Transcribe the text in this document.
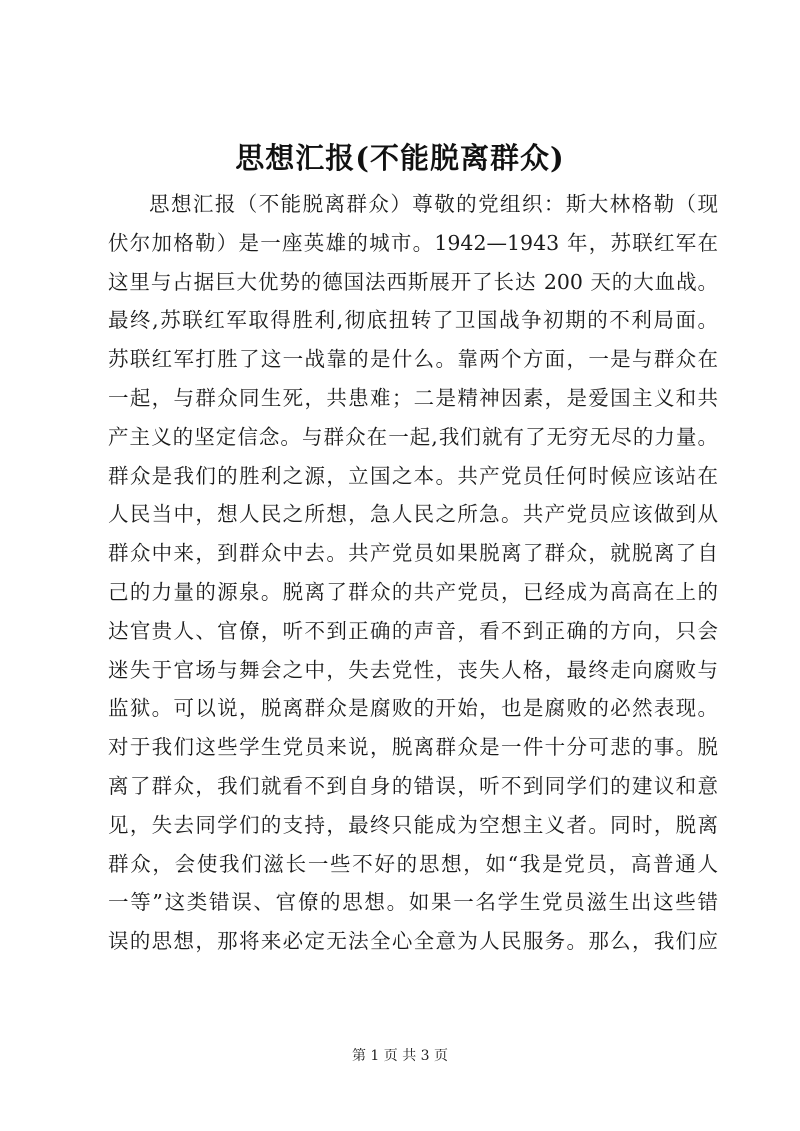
思想汇报(不能脱离群众)
思想汇报（不能脱离群众）尊敬的党组织：斯大林格勒（现
伏尔加格勒）是一座英雄的城市。1942—1943 年，苏联红军在
这里与占据巨大优势的德国法西斯展开了长达 200 天的大血战。
最终,苏联红军取得胜利,彻底扭转了卫国战争初期的不利局面。
苏联红军打胜了这一战靠的是什么。靠两个方面，一是与群众在
一起，与群众同生死，共患难；二是精神因素，是爱国主义和共
产主义的坚定信念。与群众在一起,我们就有了无穷无尽的力量。
群众是我们的胜利之源，立国之本。共产党员任何时候应该站在
人民当中，想人民之所想，急人民之所急。共产党员应该做到从
群众中来，到群众中去。共产党员如果脱离了群众，就脱离了自
己的力量的源泉。脱离了群众的共产党员，已经成为高高在上的
达官贵人、官僚，听不到正确的声音，看不到正确的方向，只会
迷失于官场与舞会之中，失去党性，丧失人格，最终走向腐败与
监狱。可以说，脱离群众是腐败的开始，也是腐败的必然表现。
对于我们这些学生党员来说，脱离群众是一件十分可悲的事。脱
离了群众，我们就看不到自身的错误，听不到同学们的建议和意
见，失去同学们的支持，最终只能成为空想主义者。同时，脱离
群众，会使我们滋长一些不好的思想，如“我是党员，高普通人
一等”这类错误、官僚的思想。如果一名学生党员滋生出这些错
误的思想，那将来必定无法全心全意为人民服务。那么，我们应
第 1 页 共 3 页
